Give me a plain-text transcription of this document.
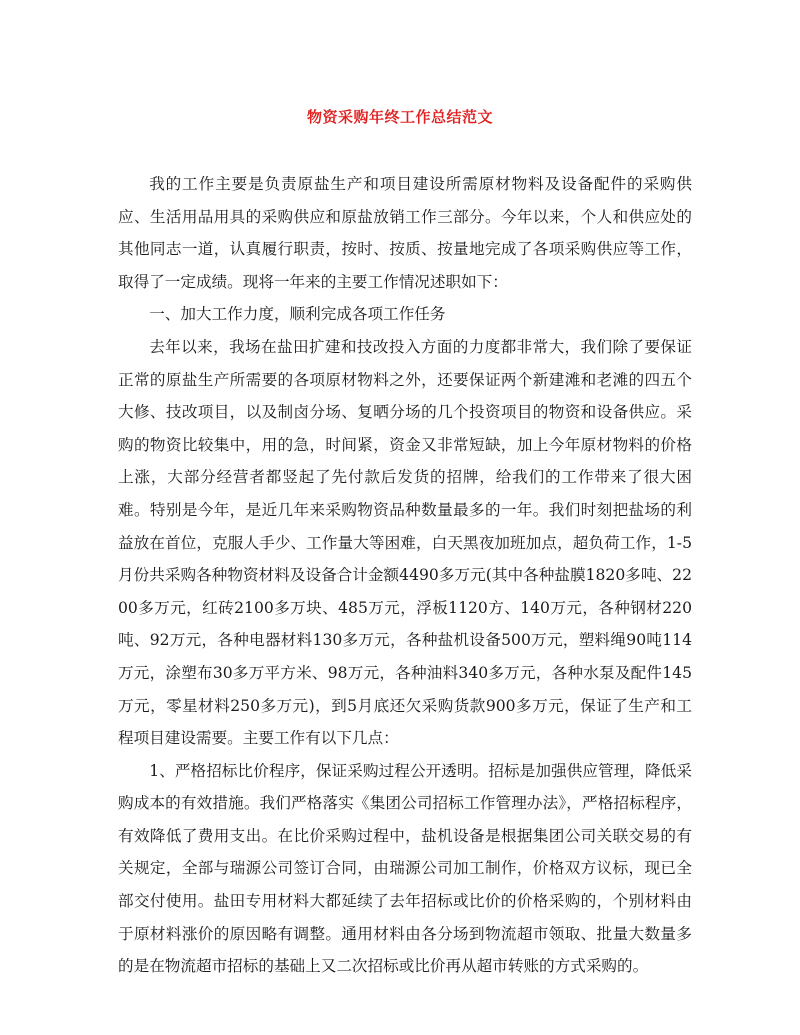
物资采购年终工作总结范文

我的工作主要是负责原盐生产和项目建设所需原材物料及设备配件的采购供应、生活用品用具的采购供应和原盐放销工作三部分。今年以来，个人和供应处的其他同志一道，认真履行职责，按时、按质、按量地完成了各项采购供应等工作，取得了一定成绩。现将一年来的主要工作情况述职如下：

一、加大工作力度，顺利完成各项工作任务

去年以来，我场在盐田扩建和技改投入方面的力度都非常大，我们除了要保证正常的原盐生产所需要的各项原材物料之外，还要保证两个新建滩和老滩的四五个大修、技改项目，以及制卤分场、复晒分场的几个投资项目的物资和设备供应。采购的物资比较集中，用的急，时间紧，资金又非常短缺，加上今年原材物料的价格上涨，大部分经营者都竖起了先付款后发货的招牌，给我们的工作带来了很大困难。特别是今年，是近几年来采购物资品种数量最多的一年。我们时刻把盐场的利益放在首位，克服人手少、工作量大等困难，白天黑夜加班加点，超负荷工作，1-5月份共采购各种物资材料及设备合计金额4490多万元(其中各种盐膜1820多吨、2200多万元，红砖2100多万块、485万元，浮板1120方、140万元，各种钢材220吨、92万元，各种电器材料130多万元，各种盐机设备500万元，塑料绳90吨114万元，涂塑布30多万平方米、98万元，各种油料340多万元，各种水泵及配件145万元，零星材料250多万元)，到5月底还欠采购货款900多万元，保证了生产和工程项目建设需要。主要工作有以下几点：

1、严格招标比价程序，保证采购过程公开透明。招标是加强供应管理，降低采购成本的有效措施。我们严格落实《集团公司招标工作管理办法》，严格招标程序，有效降低了费用支出。在比价采购过程中，盐机设备是根据集团公司关联交易的有关规定，全部与瑞源公司签订合同，由瑞源公司加工制作，价格双方议标，现已全部交付使用。盐田专用材料大都延续了去年招标或比价的价格采购的，个别材料由于原材料涨价的原因略有调整。通用材料由各分场到物流超市领取、批量大数量多的是在物流超市招标的基础上又二次招标或比价再从超市转账的方式采购的。
